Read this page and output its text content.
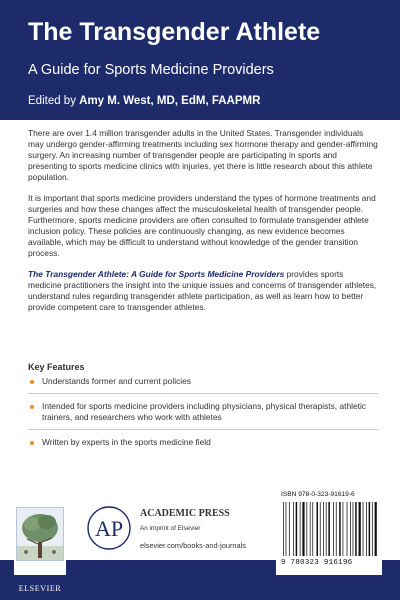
The Transgender Athlete
A Guide for Sports Medicine Providers
Edited by Amy M. West, MD, EdM, FAAPMR

There are over 1.4 million transgender adults in the United States. Transgender individuals may undergo gender-affirming treatments including sex hormone therapy and gender-affirming surgery. An increasing number of transgender people are participating in sports and presenting to sports medicine clinics with injuries, yet there is little research about this athlete population.

It is important that sports medicine providers understand the types of hormone treatments and surgeries and how these changes affect the musculoskeletal health of transgender people. Furthermore, sports medicine providers are often consulted to formulate transgender athlete inclusion policy. These policies are continuously changing, as new evidence becomes available, which may be difficult to understand without knowledge of the gender transition process.

The Transgender Athlete: A Guide for Sports Medicine Providers provides sports medicine practitioners the insight into the unique issues and concerns of transgender athletes, understand rules regarding transgender athlete participation, as well as learn how to better provide competent care to transgender athletes.

Key Features
Understands former and current policies
Intended for sports medicine providers including physicians, physical therapists, athletic trainers, and researchers who work with athletes
Written by experts in the sports medicine field
ELSEVIER
AP
ACADEMIC PRESS
An imprint of Elsevier
elsevier.com/books-and-journals
ISBN 978-0-323-91619-6
9 780323 916196
